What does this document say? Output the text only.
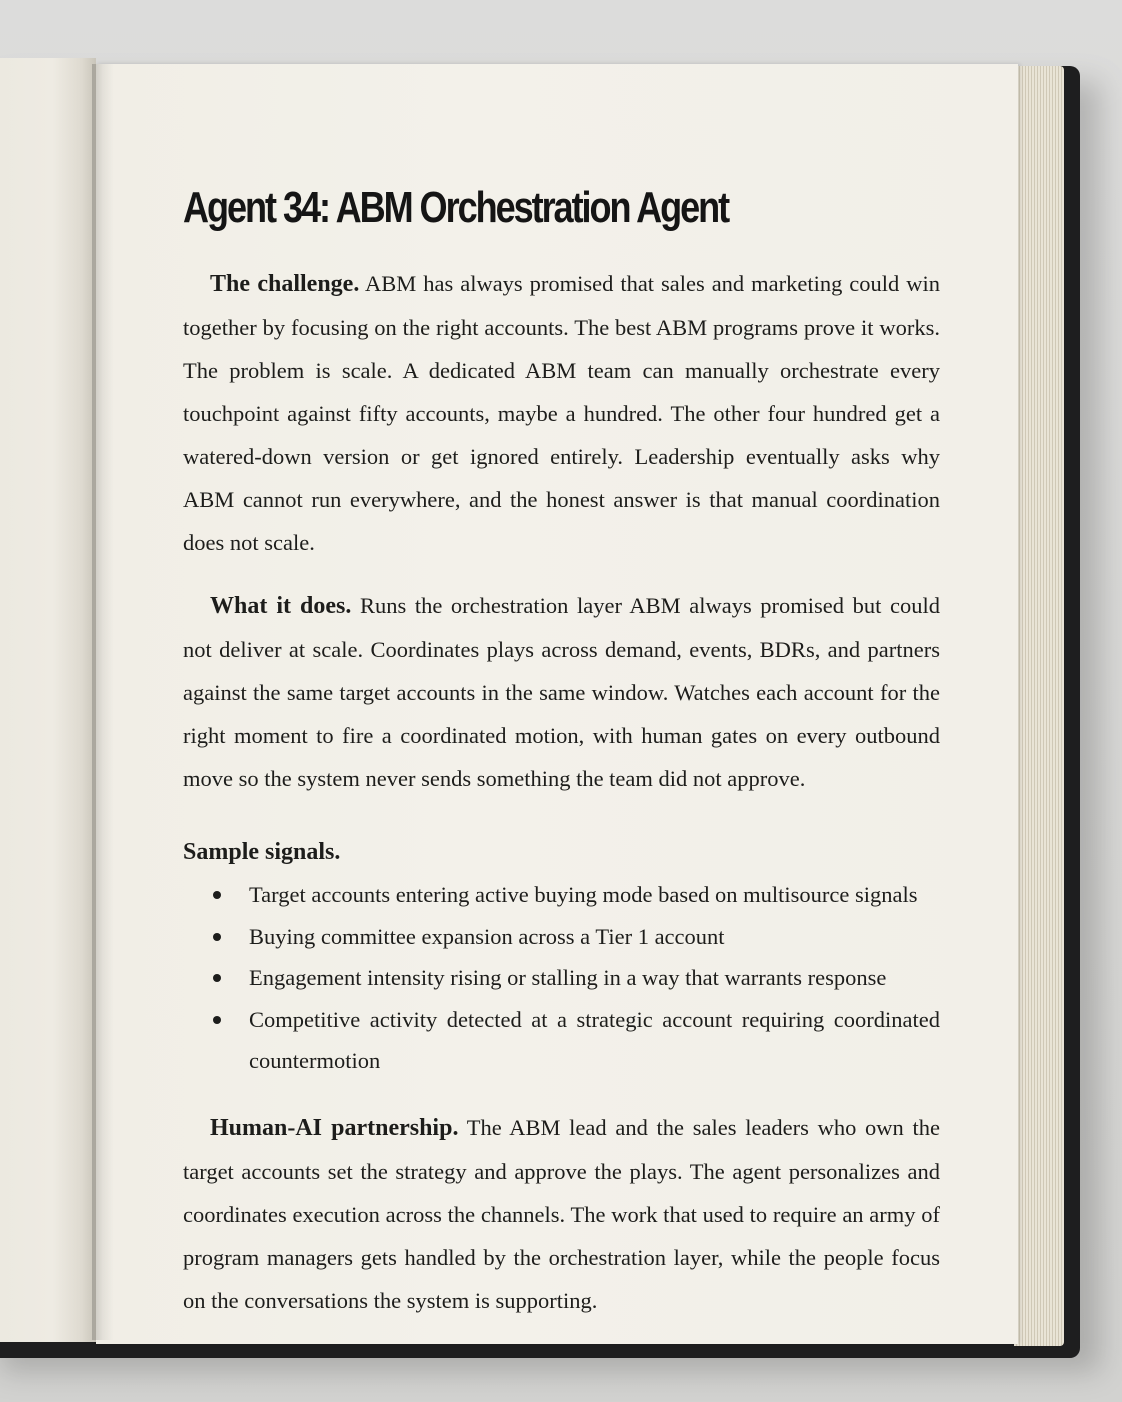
Agent 34: ABM Orchestration Agent

The challenge. ABM has always promised that sales and marketing could win together by focusing on the right accounts. The best ABM programs prove it works. The problem is scale. A dedicated ABM team can manually orchestrate every touchpoint against fifty accounts, maybe a hundred. The other four hundred get a watered-down version or get ignored entirely. Leadership eventually asks why ABM cannot run everywhere, and the honest answer is that manual coordination does not scale.

What it does. Runs the orchestration layer ABM always promised but could not deliver at scale. Coordinates plays across demand, events, BDRs, and partners against the same target accounts in the same window. Watches each account for the right moment to fire a coordinated motion, with human gates on every outbound move so the system never sends something the team did not approve.

Sample signals.
Target accounts entering active buying mode based on multisource signals
Buying committee expansion across a Tier 1 account
Engagement intensity rising or stalling in a way that warrants response
Competitive activity detected at a strategic account requiring coordinated countermotion

Human-AI partnership. The ABM lead and the sales leaders who own the target accounts set the strategy and approve the plays. The agent personalizes and coordinates execution across the channels. The work that used to require an army of program managers gets handled by the orchestration layer, while the people focus on the conversations the system is supporting.
